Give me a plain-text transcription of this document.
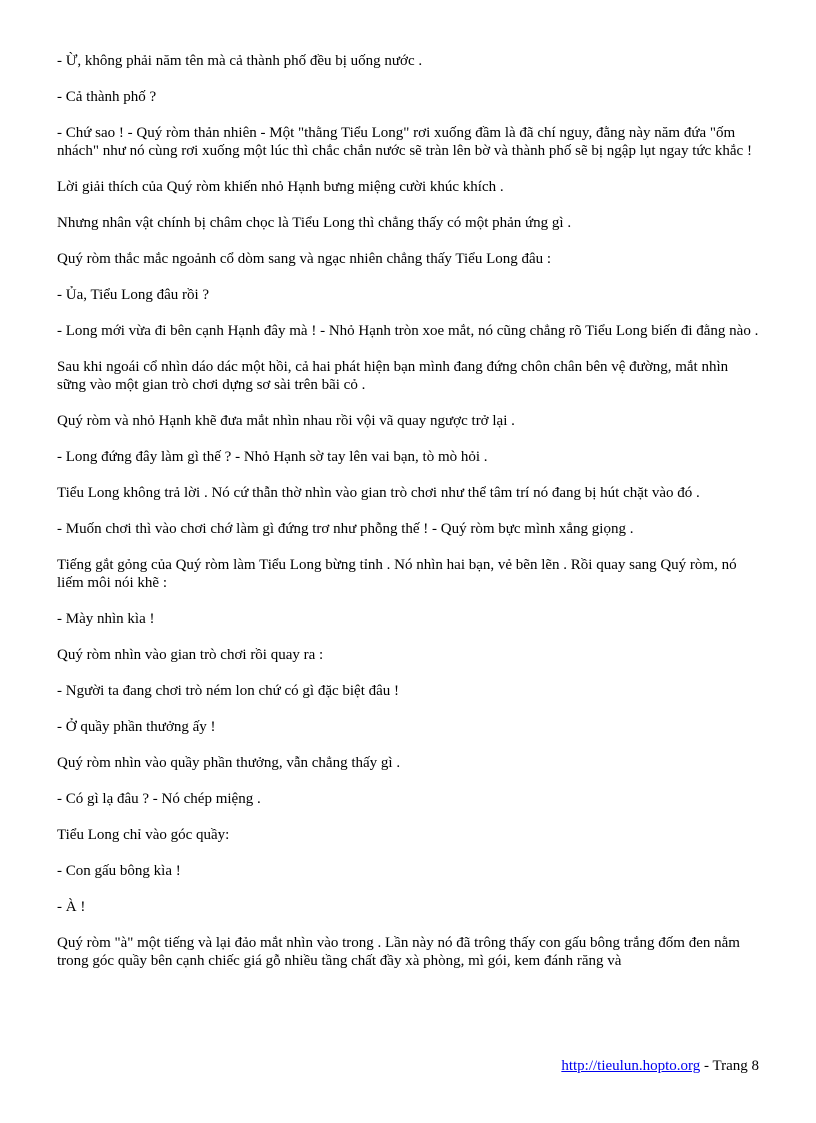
- Ừ, không phải năm tên mà cả thành phố đều bị uống nước .

- Cả thành phố ?

- Chứ sao ! - Quý ròm thản nhiên - Một "thằng Tiểu Long" rơi xuống đầm là đã chí nguy, đằng này năm đứa "ốm nhách" như nó cùng rơi xuống một lúc thì chắc chắn nước sẽ tràn lên bờ và thành phố sẽ bị ngập lụt ngay tức khắc !

Lời giải thích của Quý ròm khiến nhỏ Hạnh bưng miệng cười khúc khích .

Nhưng nhân vật chính bị châm chọc là Tiểu Long thì chẳng thấy có một phản ứng gì .

Quý ròm thắc mắc ngoảnh cổ dòm sang và ngạc nhiên chẳng thấy Tiểu Long đâu :

- Ủa, Tiểu Long đâu rồi ?

- Long mới vừa đi bên cạnh Hạnh đây mà ! - Nhỏ Hạnh tròn xoe mắt, nó cũng chẳng rõ Tiểu Long biến đi đằng nào .

Sau khi ngoái cổ nhìn dáo dác một hồi, cả hai phát hiện bạn mình đang đứng chôn chân bên vệ đường, mắt nhìn sững vào một gian trò chơi dựng sơ sài trên bãi cỏ .

Quý ròm và nhỏ Hạnh khẽ đưa mắt nhìn nhau rồi vội vã quay ngược trở lại .

- Long đứng đây làm gì thế ? - Nhỏ Hạnh sờ tay lên vai bạn, tò mò hỏi .

Tiểu Long không trả lời . Nó cứ thẫn thờ nhìn vào gian trò chơi như thể tâm trí nó đang bị hút chặt vào đó .

- Muốn chơi thì vào chơi chớ làm gì đứng trơ như phỗng thế ! - Quý ròm bực mình xẳng giọng .

Tiếng gắt gỏng của Quý ròm làm Tiểu Long bừng tỉnh . Nó nhìn hai bạn, vẻ bẽn lẽn . Rồi quay sang Quý ròm, nó liếm môi nói khẽ :

- Mày nhìn kìa !

Quý ròm nhìn vào gian trò chơi rồi quay ra :

- Người ta đang chơi trò ném lon chứ có gì đặc biệt đâu !

- Ở quầy phần thưởng ấy !

Quý ròm nhìn vào quầy phần thưởng, vẫn chẳng thấy gì .

- Có gì lạ đâu ? - Nó chép miệng .

Tiểu Long chỉ vào góc quầy:

- Con gấu bông kìa !

- À !

Quý ròm "à" một tiếng và lại đảo mắt nhìn vào trong . Lần này nó đã trông thấy con gấu bông trắng đốm đen nằm trong góc quầy bên cạnh chiếc giá gỗ nhiều tầng chất đầy xà phòng, mì gói, kem đánh răng và

http://tieulun.hopto.org - Trang 8
